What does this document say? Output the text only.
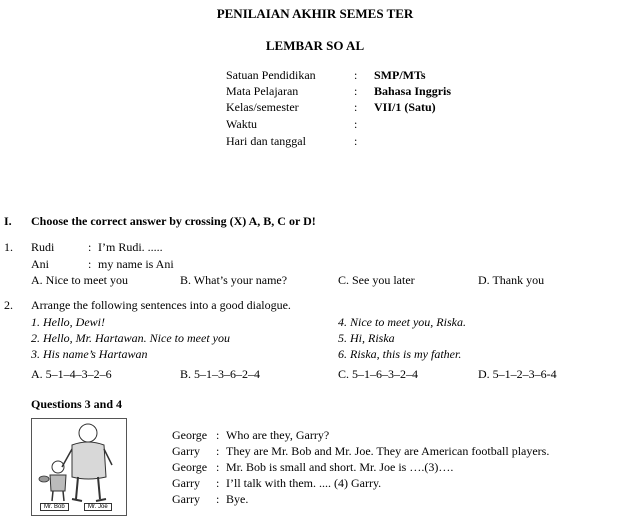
PENILAIAN AKHIR SEMES TER
LEMBAR SO AL
Satuan Pendidikan	: SMP/MTs
Mata Pelajaran	: Bahasa Inggris
Kelas/semester	: VII/1 (Satu)
Waktu	:
Hari dan tanggal	:
I. Choose the correct answer by crossing (X) A, B, C or D!
1. Rudi	: I’m Rudi. .....
Ani	: my name is Ani
A. Nice to meet you	B. What’s your name?	C. See you later	D. Thank you
2. Arrange the following sentences into a good dialogue.
1. Hello, Dewi!
2. Hello, Mr. Hartawan. Nice to meet you
3. His name’s Hartawan
4. Nice to meet you, Riska.
5. Hi, Riska
6. Riska, this is my father.
A. 5–1–4–3–2–6	B. 5–1–3–6–2–4	C. 5–1–6–3–2–4	D. 5–1–2–3–6-4
Questions 3 and 4
Mr. Bob	Mr. Joe
George : Who are they, Garry?
Garry : They are Mr. Bob and Mr. Joe. They are American football players.
George : Mr. Bob is small and short. Mr. Joe is ….(3)….
Garry : I’ll talk with them. .... (4) Garry.
Garry : Bye.
